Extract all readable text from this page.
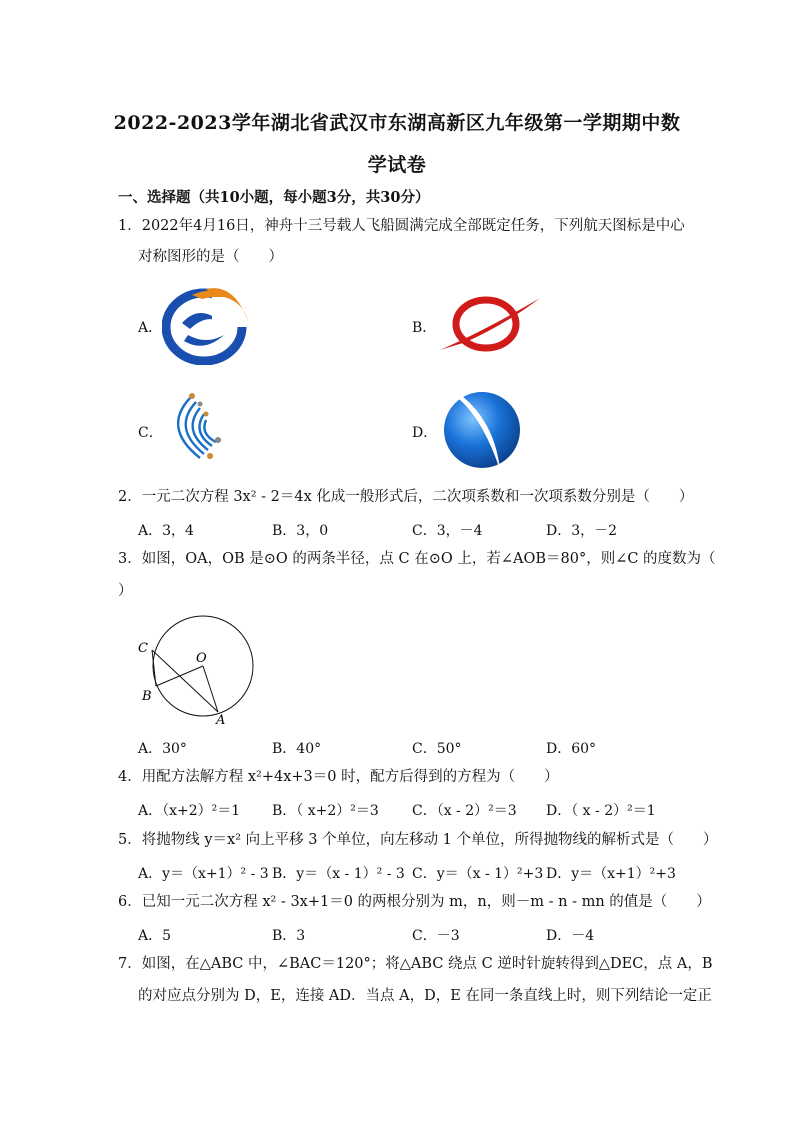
2022-2023学年湖北省武汉市东湖高新区九年级第一学期期中数
学试卷
一、选择题（共10小题，每小题3分，共30分）
1．2022年4月16日，神舟十三号载人飞船圆满完成全部既定任务，下列航天图标是中心
对称图形的是（　　）
A．	B．
C．	D．
2．一元二次方程 3x² - 2＝4x 化成一般形式后，二次项系数和一次项系数分别是（　　）
A．3，4	B．3，0	C．3，－4	D．3，－2
3．如图，OA，OB 是⊙O 的两条半径，点 C 在⊙O 上，若∠AOB＝80°，则∠C 的度数为（
）
C
O
B
A
A．30°	B．40°	C．50°	D．60°
4．用配方法解方程 x²+4x+3＝0 时，配方后得到的方程为（　　）
A．（x+2）²＝1 B．（ x+2）²＝3 C．（x - 2）²＝3 D．（ x - 2）²＝1
5．将抛物线 y＝x² 向上平移 3 个单位，向左移动 1 个单位，所得抛物线的解析式是（　　）
A．y＝（x+1）² - 3 B．y＝（x - 1）² - 3 C．y＝（x - 1）²+3 D．y＝（x+1）²+3
6．已知一元二次方程 x² - 3x+1＝0 的两根分别为 m，n，则－m - n - mn 的值是（　　）
A．5	B．3	C．－3	D．－4
7．如图，在△ABC 中，∠BAC＝120°；将△ABC 绕点 C 逆时针旋转得到△DEC，点 A，B
的对应点分别为 D，E，连接 AD．当点 A，D，E 在同一条直线上时，则下列结论一定正
